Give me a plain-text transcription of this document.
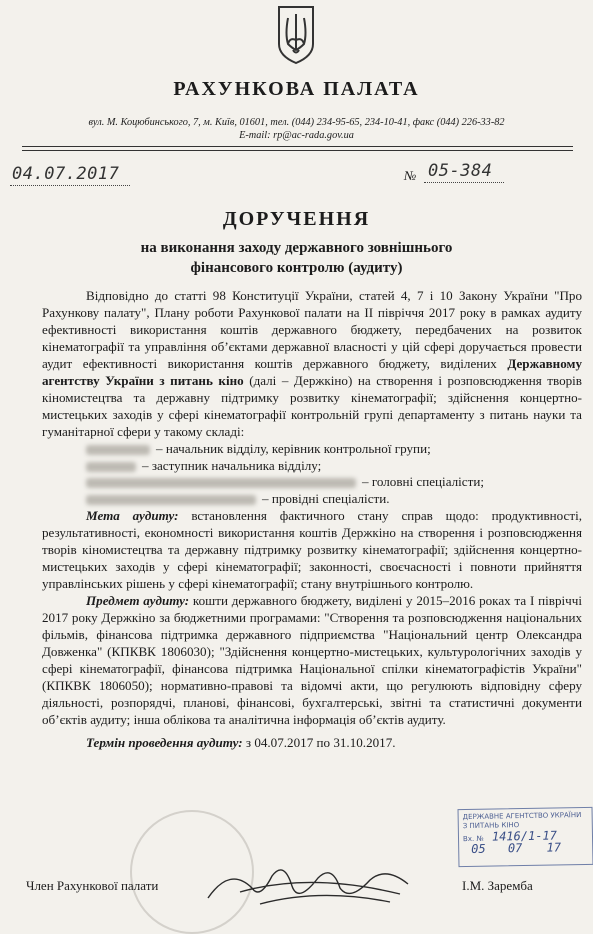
РАХУНКОВА ПАЛАТА
вул. М. Коцюбинського, 7, м. Київ, 01601, тел. (044) 234-95-65, 234-10-41, факс (044) 226-33-82
E-mail: rp@ac-rada.gov.ua
04.07.2017	№ 05-384
ДОРУЧЕННЯ
на виконання заходу державного зовнішнього
фінансового контролю (аудиту)

Відповідно до статті 98 Конституції України, статей 4, 7 і 10 Закону України "Про Рахункову палату", Плану роботи Рахункової палати на ІІ півріччя 2017 року в рамках аудиту ефективності використання коштів державного бюджету, передбачених на розвиток кінематографії та управління об’єктами державної власності у цій сфері доручається провести аудит ефективності використання коштів державного бюджету, виділених Державному агентству України з питань кіно (далі – Держкіно) на створення і розповсюдження творів кіномистецтва та державну підтримку розвитку кінематографії; здійснення концертно-мистецьких заходів у сфері кінематографії контрольній групі департаменту з питань науки та гуманітарної сфери у такому складі:

– начальник відділу, керівник контрольної групи;
– заступник начальника відділу;
– головні спеціалісти;
– провідні спеціалісти.

Мета аудиту: встановлення фактичного стану справ щодо: продуктивності, результативності, економності використання коштів Держкіно на створення і розповсюдження творів кіномистецтва та державну підтримку розвитку кінематографії; здійснення концертно-мистецьких заходів у сфері кінематографії; законності, своєчасності і повноти прийняття управлінських рішень у сфері кінематографії; стану внутрішнього контролю.

Предмет аудиту: кошти державного бюджету, виділені у 2015–2016 роках та І півріччі 2017 року Держкіно за бюджетними програмами: "Створення та розповсюдження національних фільмів, фінансова підтримка державного підприємства "Національний центр Олександра Довженка" (КПКВК 1806030); "Здійснення концертно-мистецьких, культурологічних заходів у сфері кінематографії, фінансова підтримка Національної спілки кінематографістів України" (КПКВК 1806050); нормативно-правові та відомчі акти, що регулюють відповідну сферу діяльності, розпорядчі, планові, фінансові, бухгалтерські, звітні та статистичні документи об’єктів аудиту; інша облікова та аналітична інформація об’єктів аудиту.

Термін проведення аудиту: з 04.07.2017 по 31.10.2017.

Член Рахункової палати	І.М. Заремба
ДЕРЖАВНЕ АГЕНТСТВО УКРАЇНИ
З ПИТАНЬ КІНО
Вх. № 1416/1-17
05 07 17
